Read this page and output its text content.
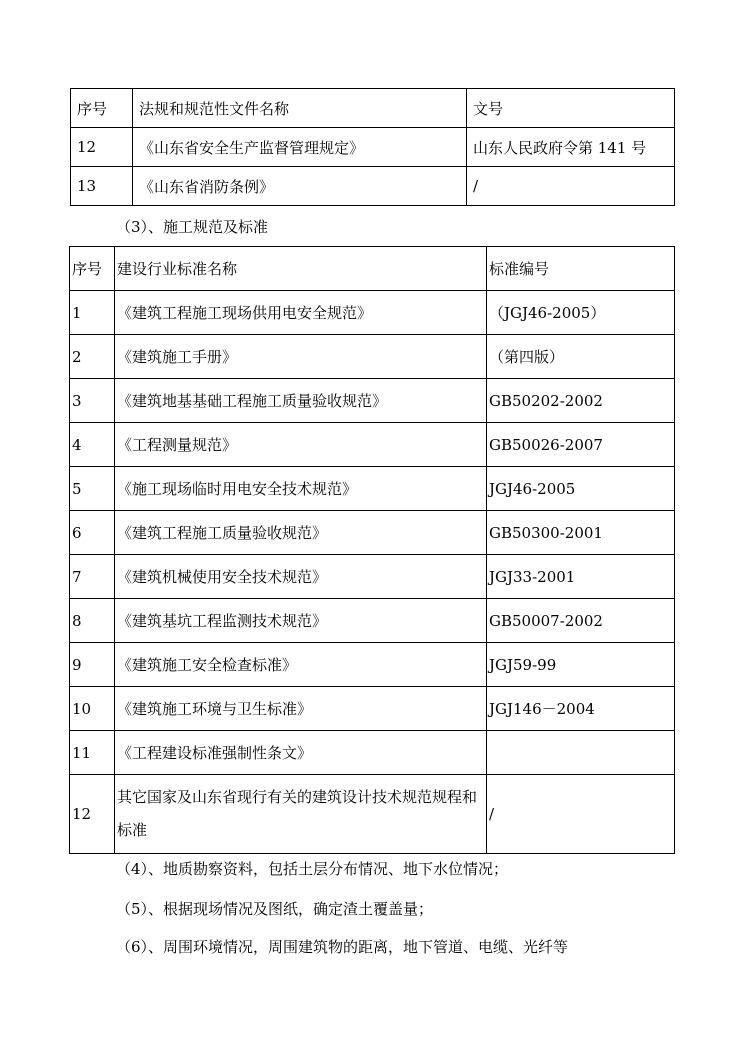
序号	法规和规范性文件名称	文号
12	《山东省安全生产监督管理规定》	山东人民政府令第 141 号
13	《山东省消防条例》	/
（3）、施工规范及标准
序号	建设行业标准名称	标准编号
1	《建筑工程施工现场供用电安全规范》	（JGJ46-2005）
2	《建筑施工手册》	（第四版）
3	《建筑地基基础工程施工质量验收规范》	GB50202-2002
4	《工程测量规范》	GB50026-2007
5	《施工现场临时用电安全技术规范》	JGJ46-2005
6	《建筑工程施工质量验收规范》	GB50300-2001
7	《建筑机械使用安全技术规范》	JGJ33-2001
8	《建筑基坑工程监测技术规范》	GB50007-2002
9	《建筑施工安全检查标准》	JGJ59-99
10	《建筑施工环境与卫生标准》	JGJ146－2004
11	《工程建设标准强制性条文》	
12	其它国家及山东省现行有关的建筑设计技术规范规程和标准	/
（4）、地质勘察资料，包括土层分布情况、地下水位情况；
（5）、根据现场情况及图纸，确定渣土覆盖量；
（6）、周围环境情况，周围建筑物的距离，地下管道、电缆、光纤等
